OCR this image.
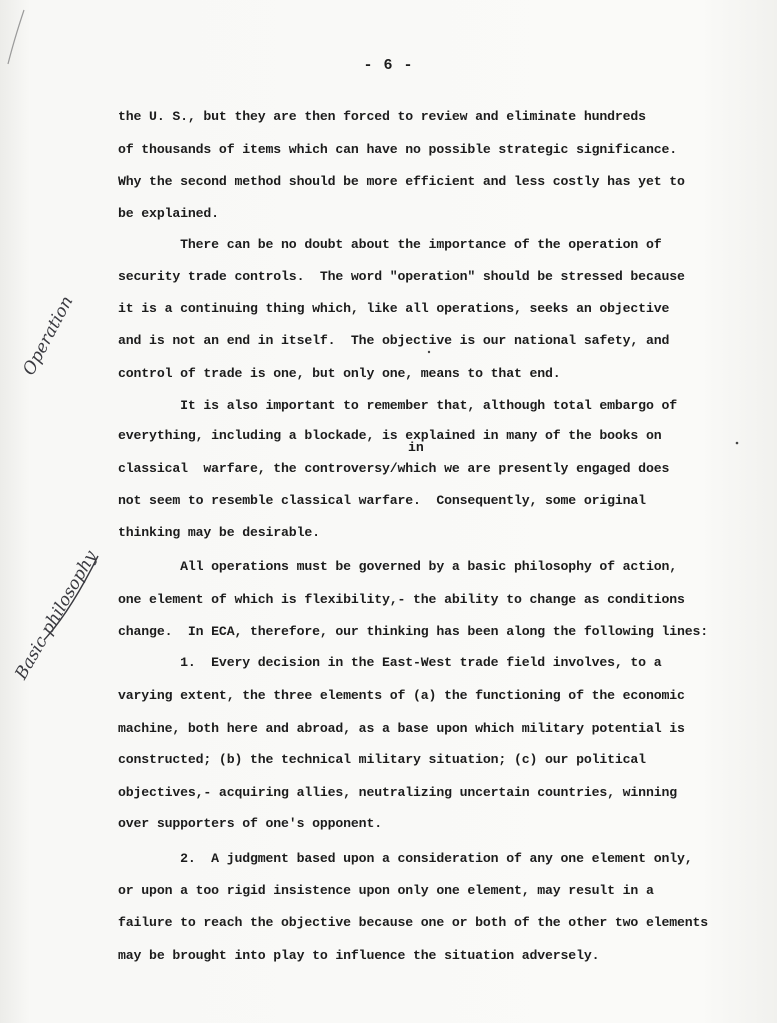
- 6 -
the U. S., but they are then forced to review and eliminate hundreds
of thousands of items which can have no possible strategic significance.
Why the second method should be more efficient and less costly has yet to
be explained.
There can be no doubt about the importance of the operation of
security trade controls.  The word "operation" should be stressed because
it is a continuing thing which, like all operations, seeks an objective
and is not an end in itself.  The objective is our national safety, and
control of trade is one, but only one, means to that end.
It is also important to remember that, although total embargo of
everything, including a blockade, is explained in many of the books on
in
classical  warfare, the controversy/which we are presently engaged does
not seem to resemble classical warfare.  Consequently, some original
thinking may be desirable.
All operations must be governed by a basic philosophy of action,
one element of which is flexibility,- the ability to change as conditions
change.  In ECA, therefore, our thinking has been along the following lines:
1.  Every decision in the East-West trade field involves, to a
varying extent, the three elements of (a) the functioning of the economic
machine, both here and abroad, as a base upon which military potential is
constructed; (b) the technical military situation; (c) our political
objectives,- acquiring allies, neutralizing uncertain countries, winning
over supporters of one's opponent.
2.  A judgment based upon a consideration of any one element only,
or upon a too rigid insistence upon only one element, may result in a
failure to reach the objective because one or both of the other two elements
may be brought into play to influence the situation adversely.
Operation
Basic philosophy
